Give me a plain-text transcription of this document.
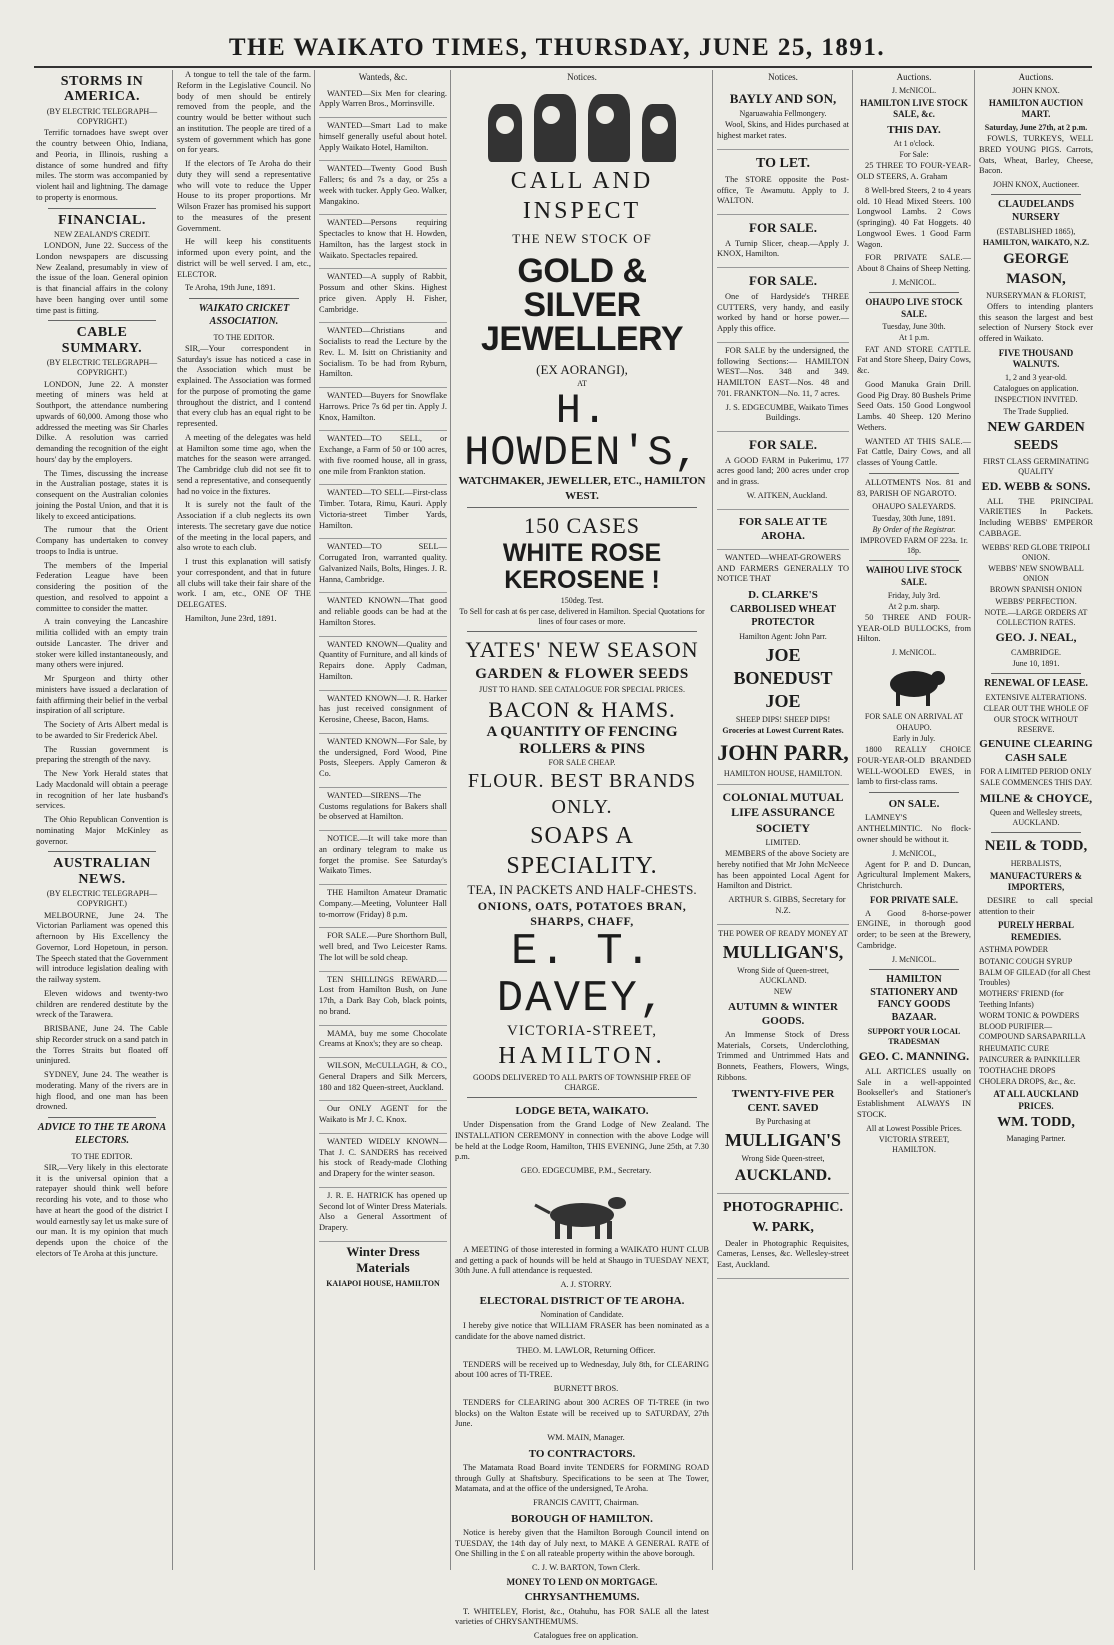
THE WAIKATO TIMES, THURSDAY, JUNE 25, 1891.
STORMS IN AMERICA.
(BY ELECTRIC TELEGRAPH—COPYRIGHT.)

Terrific tornadoes have swept over the country between Ohio, Indiana, and Peoria, in Illinois, rushing a distance of some hundred and fifty miles. The storm was accompanied by violent hail and lightning. The damage to property is enormous.

FINANCIAL.
NEW ZEALAND'S CREDIT.

LONDON, June 22. Success of the London newspapers are discussing New Zealand, presumably in view of the issue of the loan. General opinion is that financial affairs in the colony have been hanging over until some time past is fitting.

CABLE SUMMARY.
(BY ELECTRIC TELEGRAPH—COPYRIGHT.)

LONDON, June 22. A monster meeting of miners was held at Southport, the attendance numbering upwards of 60,000. Among those who addressed the meeting was Sir Charles Dilke. A resolution was carried demanding the recognition of the eight hours' day by the employers.

The Times, discussing the increase in the Australian postage, states it is consequent on the Australian colonies joining the Postal Union, and that it is likely to exceed anticipations.

The rumour that the Orient Company has undertaken to convey troops to India is untrue.

The members of the Imperial Federation League have been considering the position of the question, and resolved to appoint a committee to consider the matter.

A train conveying the Lancashire militia collided with an empty train outside Lancaster. The driver and stoker were killed instantaneously, and many others were injured.

Mr Spurgeon and thirty other ministers have issued a declaration of faith affirming their belief in the verbal inspiration of all scripture.

The Society of Arts Albert medal is to be awarded to Sir Frederick Abel.

The Russian government is preparing the strength of the navy.

The New York Herald states that Lady Macdonald will obtain a peerage in recognition of her late husband's services.

The Ohio Republican Convention is nominating Major McKinley as governor.

AUSTRALIAN NEWS.
(BY ELECTRIC TELEGRAPH—COPYRIGHT.)

MELBOURNE, June 24. The Victorian Parliament was opened this afternoon by His Excellency the Governor, Lord Hopetoun, in person. The Speech stated that the Government will introduce legislation dealing with the railway system.

Eleven widows and twenty-two children are rendered destitute by the wreck of the Tarawera.

BRISBANE, June 24. The Cable ship Recorder struck on a sand patch in the Torres Straits but floated off uninjured.

SYDNEY, June 24. The weather is moderating. Many of the rivers are in high flood, and one man has been drowned.

ADVICE TO THE TE ARONA ELECTORS.
TO THE EDITOR.

SIR,—Very likely in this electorate it is the universal opinion that a ratepayer should think well before recording his vote, and to those who have at heart the good of the district I would earnestly say let us make sure of our man. It is my opinion that much depends upon the choice of the electors of Te Aroha at this juncture.

A tongue to tell the tale of the farm. Reform in the Legislative Council. No body of men should be entirely removed from the people, and the country would be better without such an institution. The people are tired of a system of government which has gone on for years.

If the electors of Te Aroha do their duty they will send a representative who will vote to reduce the Upper House to its proper proportions. Mr Wilson Frazer has promised his support to the measures of the present Government.

He will keep his constituents informed upon every point, and the district will be well served. I am, etc., ELECTOR.

Te Aroha, 19th June, 1891.

WAIKATO CRICKET ASSOCIATION.
TO THE EDITOR.

SIR,—Your correspondent in Saturday's issue has noticed a case in the Association which must be explained. The Association was formed for the purpose of promoting the game throughout the district, and I contend that every club has an equal right to be represented.

A meeting of the delegates was held at Hamilton some time ago, when the matches for the season were arranged. The Cambridge club did not see fit to send a representative, and consequently had no voice in the fixtures.

It is surely not the fault of the Association if a club neglects its own interests. The secretary gave due notice of the meeting in the local papers, and also wrote to each club.

I trust this explanation will satisfy your correspondent, and that in future all clubs will take their fair share of the work. I am, etc., ONE OF THE DELEGATES.

Hamilton, June 23rd, 1891.

Wanteds, &c.

WANTED—Six Men for clearing. Apply Warren Bros., Morrinsville.

WANTED—Smart Lad to make himself generally useful about hotel. Apply Waikato Hotel, Hamilton.

WANTED—Twenty Good Bush Fallers; 6s and 7s a day, or 25s a week with tucker. Apply Geo. Walker, Mangakino.

WANTED—Persons requiring Spectacles to know that H. Howden, Hamilton, has the largest stock in Waikato. Spectacles repaired.

WANTED—A supply of Rabbit, Possum and other Skins. Highest price given. Apply H. Fisher, Cambridge.

WANTED—Christians and Socialists to read the Lecture by the Rev. L. M. Isitt on Christianity and Socialism. To be had from Ryburn, Hamilton.

WANTED—Buyers for Snowflake Harrows. Price 7s 6d per tin. Apply J. Knox, Hamilton.

WANTED—TO SELL, or Exchange, a Farm of 50 or 100 acres, with five roomed house, all in grass, one mile from Frankton station.

WANTED—TO SELL—First-class Timber. Totara, Rimu, Kauri. Apply Victoria-street Timber Yards, Hamilton.

WANTED—TO SELL—Corrugated Iron, warranted quality. Galvanized Nails, Bolts, Hinges. J. R. Hanna, Cambridge.

WANTED KNOWN—That good and reliable goods can be had at the Hamilton Stores.

WANTED KNOWN—Quality and Quantity of Furniture, and all kinds of Repairs done. Apply Cadman, Hamilton.

WANTED KNOWN—J. R. Harker has just received consignment of Kerosine, Cheese, Bacon, Hams.

WANTED KNOWN—For Sale, by the undersigned, Ford Wood, Pine Posts, Sleepers. Apply Cameron & Co.

WANTED—SIRENS—The Customs regulations for Bakers shall be observed at Hamilton.

NOTICE.—It will take more than an ordinary telegram to make us forget the promise. See Saturday's Waikato Times.

THE Hamilton Amateur Dramatic Company.—Meeting, Volunteer Hall to-morrow (Friday) 8 p.m.

FOR SALE.—Pure Shorthorn Bull, well bred, and Two Leicester Rams. The lot will be sold cheap.

TEN SHILLINGS REWARD.—Lost from Hamilton Bush, on June 17th, a Dark Bay Cob, black points, no brand.

MAMA, buy me some Chocolate Creams at Knox's; they are so cheap.

WILSON, McCULLAGH, & CO., General Drapers and Silk Mercers, 180 and 182 Queen-street, Auckland.

Our ONLY AGENT for the Waikato is Mr J. C. Knox.

WANTED WIDELY KNOWN—That J. C. SANDERS has received his stock of Ready-made Clothing and Drapery for the winter season.

J. R. E. HATRICK has opened up Second lot of Winter Dress Materials. Also a General Assortment of Drapery.

Winter Dress Materials
KAIAPOI HOUSE, HAMILTON
Notices.
CALL AND INSPECT
THE NEW STOCK OF
GOLD & SILVER JEWELLERY
(EX AORANGI),
AT
H. HOWDEN'S,
WATCHMAKER, JEWELLER, ETC., HAMILTON WEST.
150 CASES
WHITE ROSE KEROSENE !
150deg. Test.
To Sell for cash at 6s per case, delivered in Hamilton. Special Quotations for lines of four cases or more.
YATES' NEW SEASON
GARDEN & FLOWER SEEDS
JUST TO HAND. SEE CATALOGUE FOR SPECIAL PRICES.
BACON & HAMS.
A QUANTITY OF FENCING ROLLERS & PINS
FOR SALE CHEAP.
FLOUR. BEST BRANDS ONLY.
SOAPS A SPECIALITY.
TEA, IN PACKETS AND HALF-CHESTS.
ONIONS, OATS, POTATOES BRAN, SHARPS, CHAFF,
E. T. DAVEY,
VICTORIA-STREET,
HAMILTON.
GOODS DELIVERED TO ALL PARTS OF TOWNSHIP FREE OF CHARGE.
LODGE BETA, WAIKATO.

Under Dispensation from the Grand Lodge of New Zealand. The INSTALLATION CEREMONY in connection with the above Lodge will be held at the Lodge Room, Hamilton, THIS EVENING, June 25th, at 7.30 p.m.

GEO. EDGECUMBE, P.M., Secretary.

A MEETING of those interested in forming a WAIKATO HUNT CLUB and getting a pack of hounds will be held at Shaugo in TUESDAY NEXT, 30th June. A full attendance is requested.

A. J. STORRY.

ELECTORAL DISTRICT OF TE AROHA.
Nomination of Candidate.

I hereby give notice that WILLIAM FRASER has been nominated as a candidate for the above named district.

THEO. M. LAWLOR, Returning Officer.

TENDERS will be received up to Wednesday, July 8th, for CLEARING about 100 acres of TI-TREE.

BURNETT BROS.

TENDERS for CLEARING about 300 ACRES OF TI-TREE (in two blocks) on the Walton Estate will be received up to SATURDAY, 27th June.

WM. MAIN, Manager.

TO CONTRACTORS.

The Matamata Road Board invite TENDERS for FORMING ROAD through Gully at Shaftsbury. Specifications to be seen at The Tower, Matamata, and at the office of the undersigned, Te Aroha.

FRANCIS CAVITT, Chairman.

BOROUGH OF HAMILTON.

Notice is hereby given that the Hamilton Borough Council intend on TUESDAY, the 14th day of July next, to MAKE A GENERAL RATE of One Shilling in the £ on all rateable property within the above borough.

C. J. W. BARTON, Town Clerk.

MONEY TO LEND ON MORTGAGE.
CHRYSANTHEMUMS.

T. WHITELEY, Florist, &c., Otahuhu, has FOR SALE all the latest varieties of CHRYSANTHEMUMS.

Catalogues free on application.

Notices.
BAYLY AND SON,
Ngaruawahia Fellmongery.

Wool, Skins, and Hides purchased at highest market rates.

TO LET.

The STORE opposite the Post-office, Te Awamutu. Apply to J. WALTON.

FOR SALE.

A Turnip Slicer, cheap.—Apply J. KNOX, Hamilton.

FOR SALE.

One of Hardyside's THREE CUTTERS, very handy, and easily worked by hand or horse power.—Apply this office.

FOR SALE by the undersigned, the following Sections:— HAMILTON WEST—Nos. 348 and 349. HAMILTON EAST—Nos. 48 and 701. FRANKTON—No. 11, 7 acres.

J. S. EDGECUMBE, Waikato Times Buildings.

FOR SALE.

A GOOD FARM in Pukerimu, 177 acres good land; 200 acres under crop and in grass.

W. AITKEN, Auckland.

FOR SALE AT TE AROHA.

WANTED—WHEAT-GROWERS AND FARMERS GENERALLY TO NOTICE THAT

D. CLARKE'S
CARBOLISED WHEAT PROTECTOR
Hamilton Agent: John Parr.
JOE BONEDUST JOE
SHEEP DIPS! SHEEP DIPS!
Groceries at Lowest Current Rates.
JOHN PARR,
HAMILTON HOUSE, HAMILTON.
COLONIAL MUTUAL LIFE ASSURANCE SOCIETY
LIMITED.

MEMBERS of the above Society are hereby notified that Mr John McNeece has been appointed Local Agent for Hamilton and District.

ARTHUR S. GIBBS, Secretary for N.Z.

THE POWER OF READY MONEY AT
MULLIGAN'S,
Wrong Side of Queen-street, AUCKLAND.
NEW
AUTUMN & WINTER GOODS.

An Immense Stock of Dress Materials, Corsets, Underclothing, Trimmed and Untrimmed Hats and Bonnets, Feathers, Flowers, Wings, Ribbons.

TWENTY-FIVE PER CENT. SAVED
By Purchasing at
MULLIGAN'S
Wrong Side Queen-street,
AUCKLAND.
PHOTOGRAPHIC.
W. PARK,

Dealer in Photographic Requisites, Cameras, Lenses, &c. Wellesley-street East, Auckland.

Auctions.
J. McNICOL.
HAMILTON LIVE STOCK SALE, &c.
THIS DAY.
At 1 o'clock.
For Sale:

25 THREE TO FOUR-YEAR-OLD STEERS, A. Graham

8 Well-bred Steers, 2 to 4 years old. 10 Head Mixed Steers. 100 Longwool Lambs. 2 Cows (springing). 40 Fat Hoggets. 40 Longwool Ewes. 1 Good Farm Wagon.

FOR PRIVATE SALE.—About 8 Chains of Sheep Netting.

J. McNICOL.
OHAUPO LIVE STOCK SALE.
Tuesday, June 30th.
At 1 p.m.

FAT AND STORE CATTLE. Fat and Store Sheep, Dairy Cows, &c.

Good Manuka Grain Drill. Good Pig Dray. 80 Bushels Prime Seed Oats. 150 Good Longwool Lambs. 40 Sheep. 120 Merino Wethers.

WANTED AT THIS SALE.—Fat Cattle, Dairy Cows, and all classes of Young Cattle.

ALLOTMENTS Nos. 81 and 83, PARISH OF NGAROTO.

OHAUPO SALEYARDS.
Tuesday, 30th June, 1891.
By Order of the Registrar.
IMPROVED FARM OF 223a. 1r. 18p.
WAIHOU LIVE STOCK SALE.
Friday, July 3rd.
At 2 p.m. sharp.

50 THREE AND FOUR-YEAR-OLD BULLOCKS, from Hilton.

J. McNICOL.
FOR SALE ON ARRIVAL AT OHAUPO.
Early in July.

1800 REALLY CHOICE FOUR-YEAR-OLD BRANDED WELL-WOOLED EWES, in lamb to first-class rams.

ON SALE.

LAMNEY'S ANTHELMINTIC. No flock-owner should be without it.

J. McNICOL,

Agent for P. and D. Duncan, Agricultural Implement Makers, Christchurch.

FOR PRIVATE SALE.

A Good 8-horse-power ENGINE, in thorough good order; to be seen at the Brewery, Cambridge.

J. McNICOL.
HAMILTON STATIONERY AND FANCY GOODS BAZAAR.
SUPPORT YOUR LOCAL TRADESMAN
GEO. C. MANNING.

ALL ARTICLES usually on Sale in a well-appointed Bookseller's and Stationer's Establishment ALWAYS IN STOCK.

All at Lowest Possible Prices.
VICTORIA STREET, HAMILTON.
Auctions.
JOHN KNOX.
HAMILTON AUCTION MART.
Saturday, June 27th, at 2 p.m.

FOWLS, TURKEYS, WELL BRED YOUNG PIGS. Carrots, Oats, Wheat, Barley, Cheese, Bacon.

JOHN KNOX, Auctioneer.
CLAUDELANDS NURSERY
(ESTABLISHED 1865),
HAMILTON, WAIKATO, N.Z.
GEORGE MASON,
NURSERYMAN & FLORIST,

Offers to intending planters this season the largest and best selection of Nursery Stock ever offered in Waikato.

FIVE THOUSAND WALNUTS.
1, 2 and 3 year-old.
Catalogues on application.
INSPECTION INVITED.
The Trade Supplied.
NEW GARDEN SEEDS
FIRST CLASS GERMINATING QUALITY
ED. WEBB & SONS.

ALL THE PRINCIPAL VARIETIES In Packets. Including WEBBS' EMPEROR CABBAGE.

WEBBS' RED GLOBE TRIPOLI ONION.
WEBBS' NEW SNOWBALL ONION
BROWN SPANISH ONION
WEBBS' PERFECTION.
NOTE.—LARGE ORDERS AT COLLECTION RATES.
GEO. J. NEAL,
CAMBRIDGE.
June 10, 1891.
RENEWAL OF LEASE.
EXTENSIVE ALTERATIONS.
CLEAR OUT THE WHOLE OF OUR STOCK WITHOUT RESERVE.
GENUINE CLEARING CASH SALE
FOR A LIMITED PERIOD ONLY
SALE COMMENCES THIS DAY.
MILNE & CHOYCE,
Queen and Wellesley streets, AUCKLAND.
NEIL & TODD,
HERBALISTS,
MANUFACTURERS & IMPORTERS,

DESIRE to call special attention to their

PURELY HERBAL REMEDIES.
ASTHMA POWDER
BOTANIC COUGH SYRUP
BALM OF GILEAD (for all Chest Troubles)
MOTHERS' FRIEND (for Teething Infants)
WORM TONIC & POWDERS
BLOOD PURIFIER—COMPOUND SARSAPARILLA
RHEUMATIC CURE
PAINCURER & PAINKILLER
TOOTHACHE DROPS
CHOLERA DROPS, &c., &c.
AT ALL AUCKLAND PRICES.
WM. TODD,
Managing Partner.
